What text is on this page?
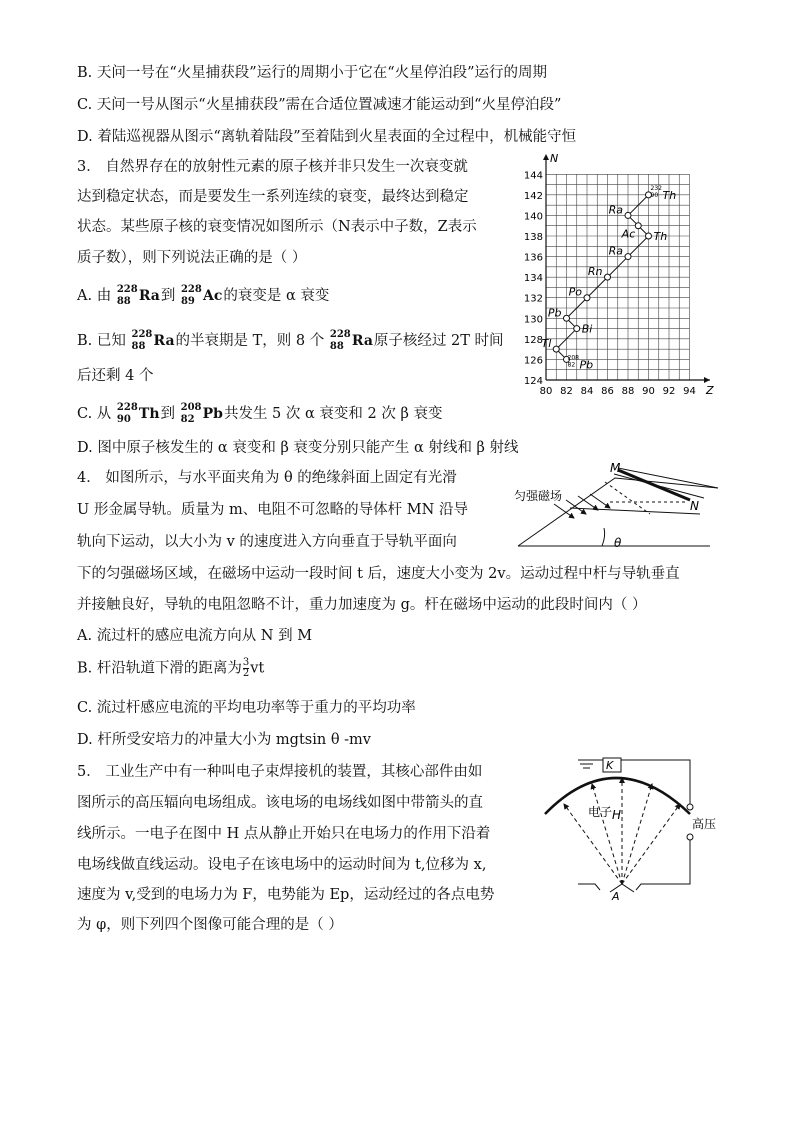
B. 天问一号在“火星捕获段”运行的周期小于它在“火星停泊段”运行的周期
C. 天问一号从图示“火星捕获段”需在合适位置减速才能运动到“火星停泊段”
D. 着陆巡视器从图示“离轨着陆段”至着陆到火星表面的全过程中，机械能守恒
3． 自然界存在的放射性元素的原子核并非只发生一次衰变就
达到稳定状态，而是要发生一系列连续的衰变，最终达到稳定
状态。某些原子核的衰变情况如图所示（N表示中子数，Z表示
质子数），则下列说法正确的是（ ）
A. 由 228
88 Ra到 228
89 Ac的衰变是 α 衰变
B. 已知 228
88 Ra的半衰期是 T，则 8 个 228
88 Ra原子核经过 2T 时间
后还剩 4 个
C. 从 228
90 Th到 208
82 Pb共发生 5 次 α 衰变和 2 次 β 衰变
D. 图中原子核发生的 α 衰变和 β 衰变分别只能产生 α 射线和 β 射线
Z
N
80 82 84 86 88 90 92 94
124
126
128
130
132
134
136
138
140
142
144
Th
232
90
Ra
Ac Th
Ra
Rn
Po
Pb
Bi
Tl
Pb
208
82
4． 如图所示，与水平面夹角为 θ 的绝缘斜面上固定有光滑
U 形金属导轨。质量为 m、电阻不可忽略的导体杆 MN 沿导
轨向下运动，以大小为 v 的速度进入方向垂直于导轨平面向
下的匀强磁场区域，在磁场中运动一段时间 t 后，速度大小变为 2v。运动过程中杆与导轨垂直
并接触良好，导轨的电阻忽略不计，重力加速度为 g。杆在磁场中运动的此段时间内（ ）
A. 流过杆的感应电流方向从 N 到 M
B. 杆沿轨道下滑的距离为 $\frac{3}{2}$ vt
C. 流过杆感应电流的平均电功率等于重力的平均功率
D. 杆所受安培力的冲量大小为 mgtsin θ -mv
θ
M
N
匀强磁场
5． 工业生产中有一种叫电子束焊接机的装置，其核心部件由如
图所示的高压辐向电场组成。该电场的电场线如图中带箭头的直
线所示。一电子在图中 H 点从静止开始只在电场力的作用下沿着
电场线做直线运动。设电子在该电场中的运动时间为 t,位移为 x,
速度为 v,受到的电场力为 F，电势能为 Ep，运动经过的各点电势
为 φ，则下列四个图像可能合理的是（ ）
K
高压
A
电子 H
